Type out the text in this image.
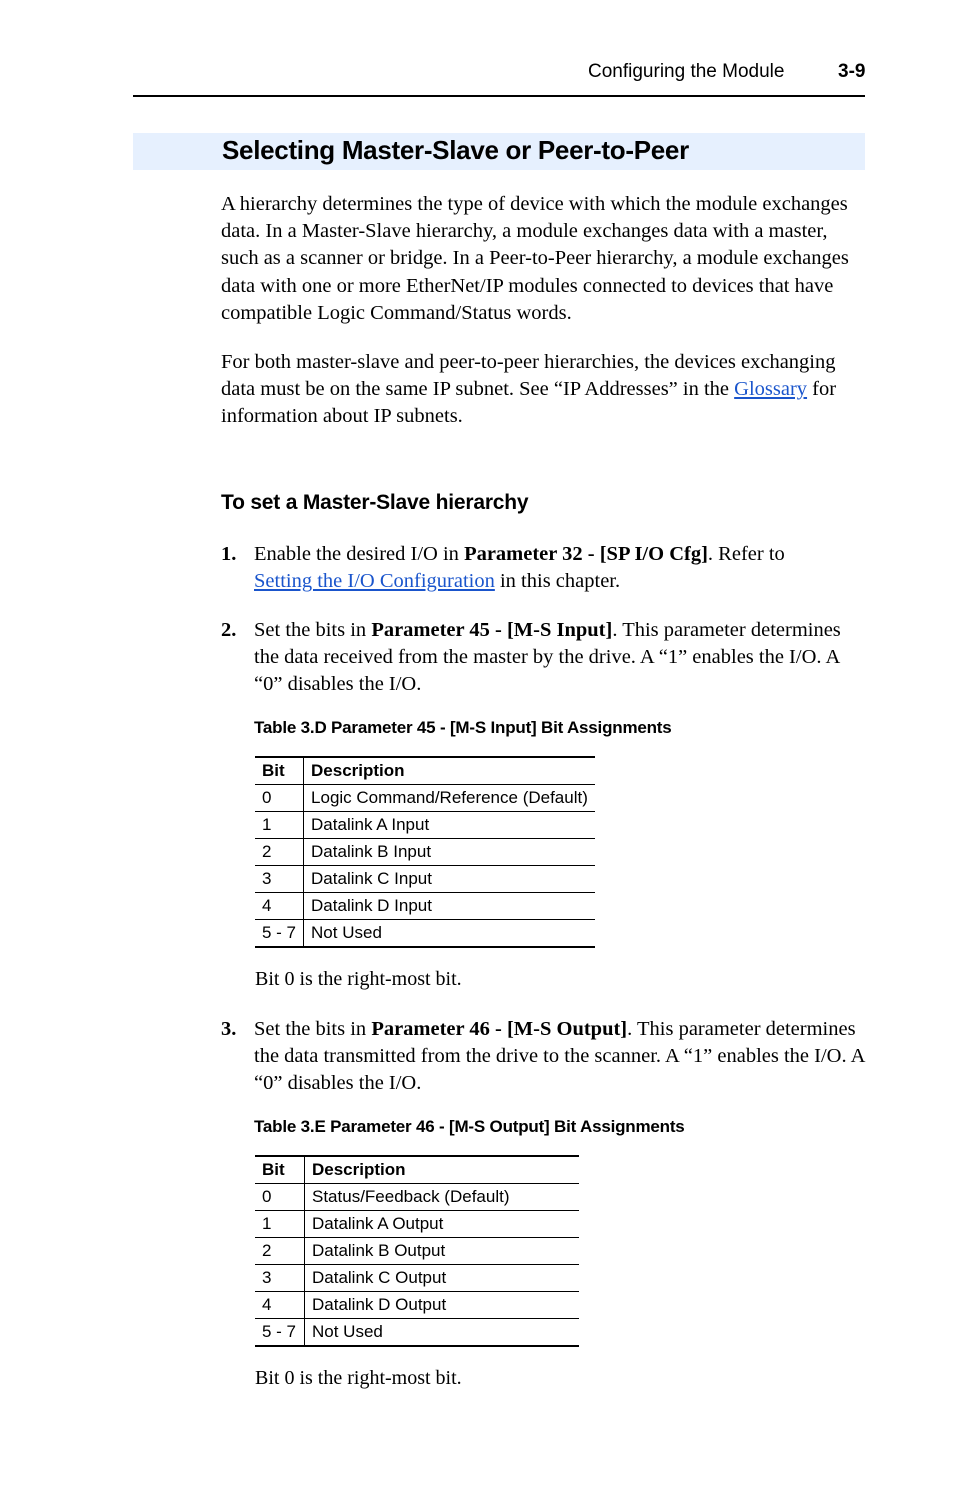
Configuring the Module	3-9
Selecting Master-Slave or Peer-to-Peer

A hierarchy determines the type of device with which the module exchanges data. In a Master-Slave hierarchy, a module exchanges data with a master, such as a scanner or bridge. In a Peer-to-Peer hierarchy, a module exchanges data with one or more EtherNet/IP modules connected to devices that have compatible Logic Command/Status words.

For both master-slave and peer-to-peer hierarchies, the devices exchanging data must be on the same IP subnet. See “IP Addresses” in the Glossary for information about IP subnets.

To set a Master-Slave hierarchy
1. Enable the desired I/O in Parameter 32 - [SP I/O Cfg]. Refer to
Setting the I/O Configuration in this chapter.
2. Set the bits in Parameter 45 - [M-S Input]. This parameter determines the data received from the master by the drive. A “1” enables the I/O. A “0” disables the I/O.
Table 3.D Parameter 45 - [M-S Input] Bit Assignments
Bit	Description
0	Logic Command/Reference (Default)
1	Datalink A Input
2	Datalink B Input
3	Datalink C Input
4	Datalink D Input
5 - 7	Not Used
Bit 0 is the right-most bit.
3. Set the bits in Parameter 46 - [M-S Output]. This parameter determines the data transmitted from the drive to the scanner. A “1” enables the I/O. A “0” disables the I/O.
Table 3.E Parameter 46 - [M-S Output] Bit Assignments
Bit	Description
0	Status/Feedback (Default)
1	Datalink A Output
2	Datalink B Output
3	Datalink C Output
4	Datalink D Output
5 - 7	Not Used
Bit 0 is the right-most bit.
